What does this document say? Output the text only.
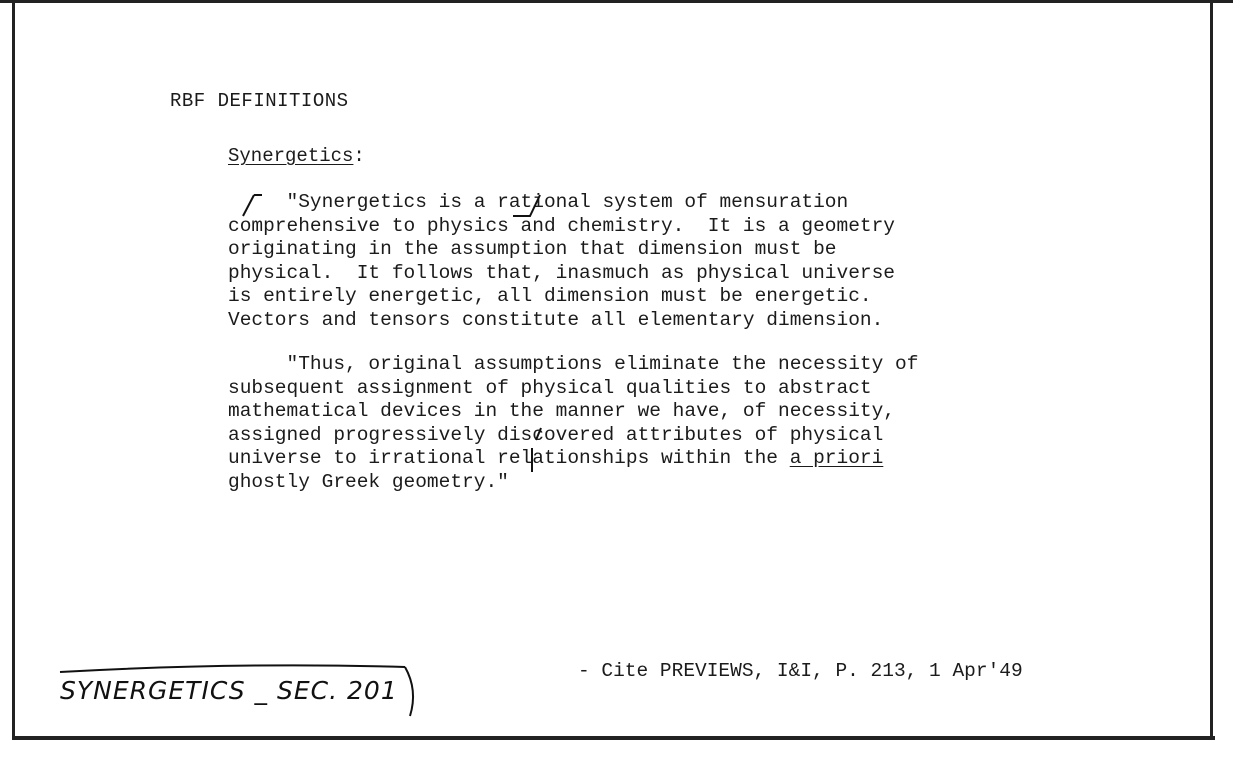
RBF DEFINITIONS
Synergetics:
"Synergetics is a rational system of mensuration
comprehensive to physics and chemistry.  It is a geometry
originating in the assumption that dimension must be
physical.  It follows that, inasmuch as physical universe
is entirely energetic, all dimension must be energetic.
Vectors and tensors constitute all elementary dimension.
"Thus, original assumptions eliminate the necessity of
subsequent assignment of physical qualities to abstract
mathematical devices in the manner we have, of necessity,
assigned progressively discovered attributes of physical
universe to irrational relationships within the a priori
ghostly Greek geometry."
- Cite PREVIEWS, I&I, P. 213, 1 Apr'49
SYNERGETICS _ SEC. 201
